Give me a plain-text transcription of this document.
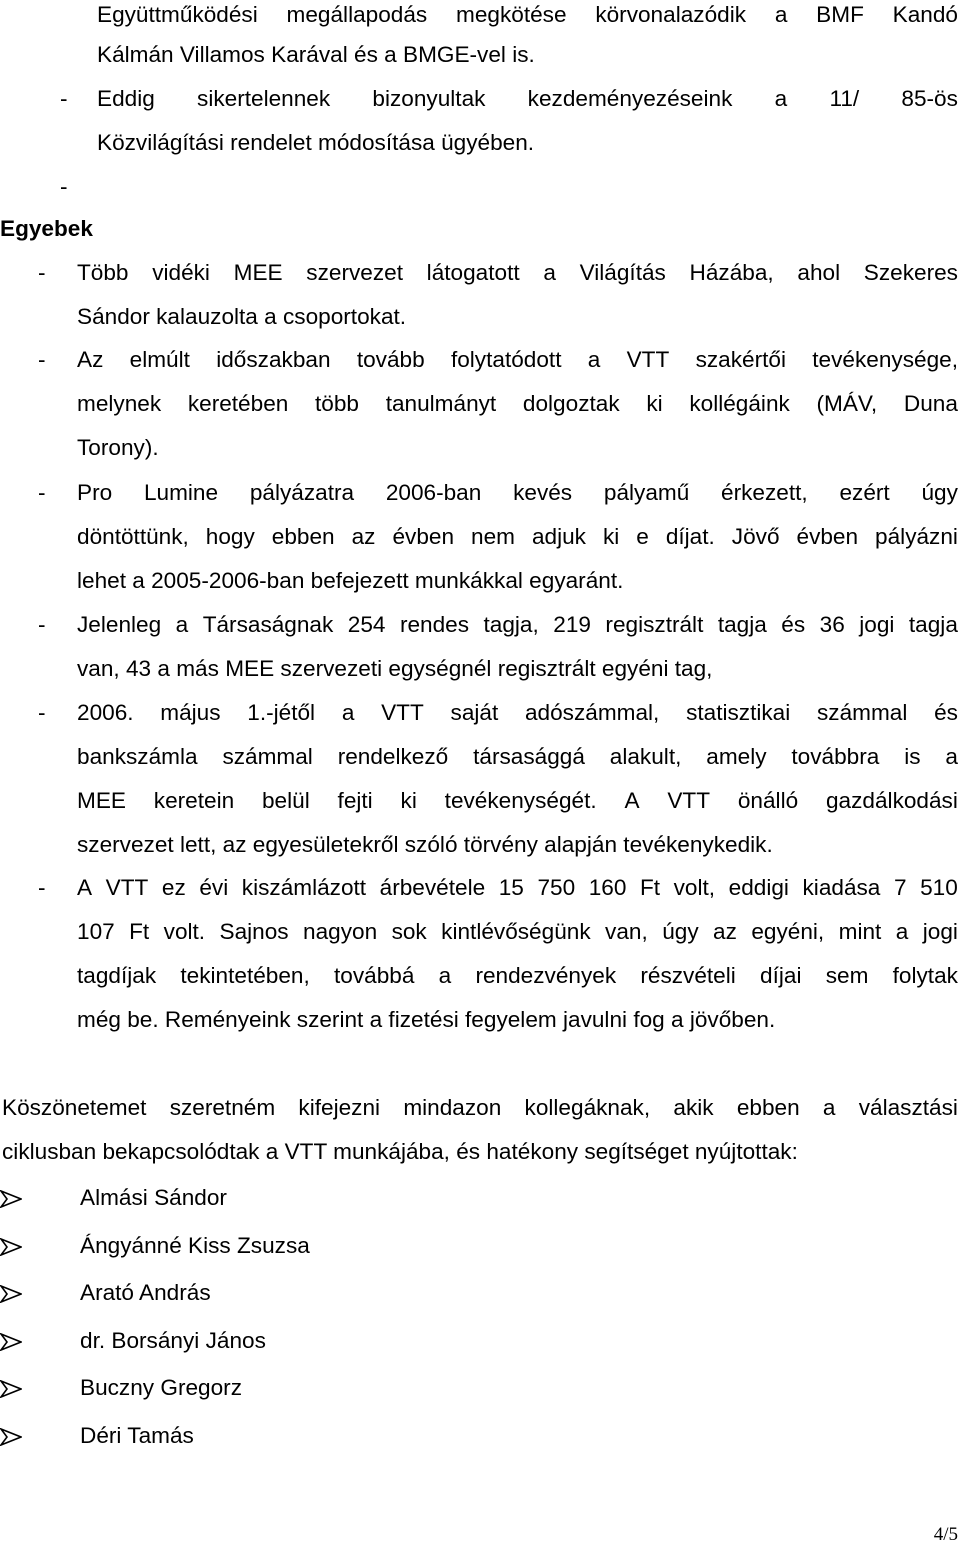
Együttműködési megállapodás megkötése körvonalazódik a BMF Kandó
Kálmán Villamos Karával és a BMGE-vel is.
- Eddig sikertelennek bizonyultak kezdeményezéseink a 11/ 85-ös
Közvilágítási rendelet módosítása ügyében.
-
Egyebek
- Több vidéki MEE szervezet látogatott a Világítás Házába, ahol Szekeres
Sándor kalauzolta a csoportokat.
- Az elmúlt időszakban tovább folytatódott a VTT szakértői tevékenysége,
melynek keretében több tanulmányt dolgoztak ki kollégáink (MÁV, Duna
Torony).
- Pro Lumine pályázatra 2006-ban kevés pályamű érkezett, ezért úgy
döntöttünk, hogy ebben az évben nem adjuk ki e díjat. Jövő évben pályázni
lehet a 2005-2006-ban befejezett munkákkal egyaránt.
- Jelenleg a Társaságnak 254 rendes tagja, 219 regisztrált tagja és 36 jogi tagja
van, 43 a más MEE szervezeti egységnél regisztrált egyéni tag,
- 2006. május 1.-jétől a VTT saját adószámmal, statisztikai számmal és
bankszámla számmal rendelkező társasággá alakult, amely továbbra is a
MEE keretein belül fejti ki tevékenységét. A VTT önálló gazdálkodási
szervezet lett, az egyesületekről szóló törvény alapján tevékenykedik.
- A VTT ez évi kiszámlázott árbevétele 15 750 160 Ft volt, eddigi kiadása 7 510
107 Ft volt. Sajnos nagyon sok kintlévőségünk van, úgy az egyéni, mint a jogi
tagdíjak tekintetében, továbbá a rendezvények részvételi díjai sem folytak
még be. Reményeink szerint a fizetési fegyelem javulni fog a jövőben.
Köszönetemet szeretném kifejezni mindazon kollegáknak, akik ebben a választási
ciklusban bekapcsolódtak a VTT munkájába, és hatékony segítséget nyújtottak:
Almási Sándor
Ángyánné Kiss Zsuzsa
Arató András
dr. Borsányi János
Buczny Gregorz
Déri Tamás
4/5
